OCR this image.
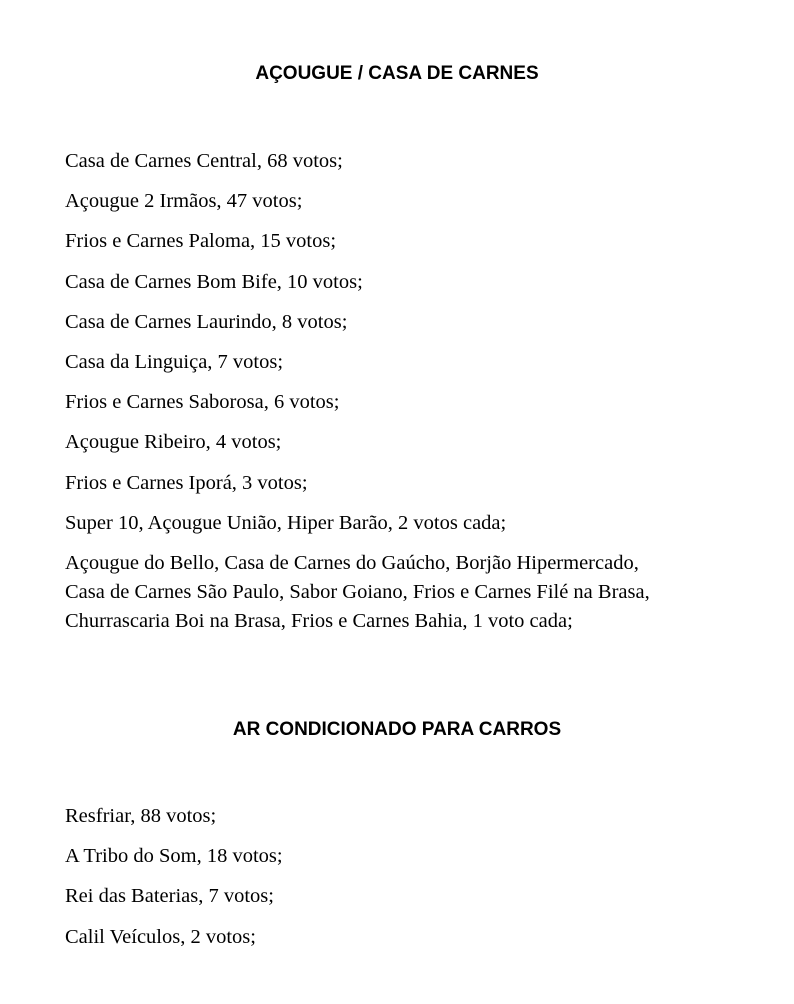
AÇOUGUE / CASA DE CARNES
Casa de Carnes Central, 68 votos;
Açougue 2 Irmãos, 47 votos;
Frios e Carnes Paloma, 15 votos;
Casa de Carnes Bom Bife, 10 votos;
Casa de Carnes Laurindo, 8 votos;
Casa da Linguiça, 7 votos;
Frios e Carnes Saborosa, 6 votos;
Açougue Ribeiro, 4 votos;
Frios e Carnes Iporá, 3 votos;
Super 10, Açougue União, Hiper Barão, 2 votos cada;
Açougue do Bello, Casa de Carnes do Gaúcho, Borjão Hipermercado,
Casa de Carnes São Paulo, Sabor Goiano, Frios e Carnes Filé na Brasa,
Churrascaria Boi na Brasa, Frios e Carnes Bahia, 1 voto cada;
AR CONDICIONADO PARA CARROS
Resfriar, 88 votos;
A Tribo do Som, 18 votos;
Rei das Baterias, 7 votos;
Calil Veículos, 2 votos;
